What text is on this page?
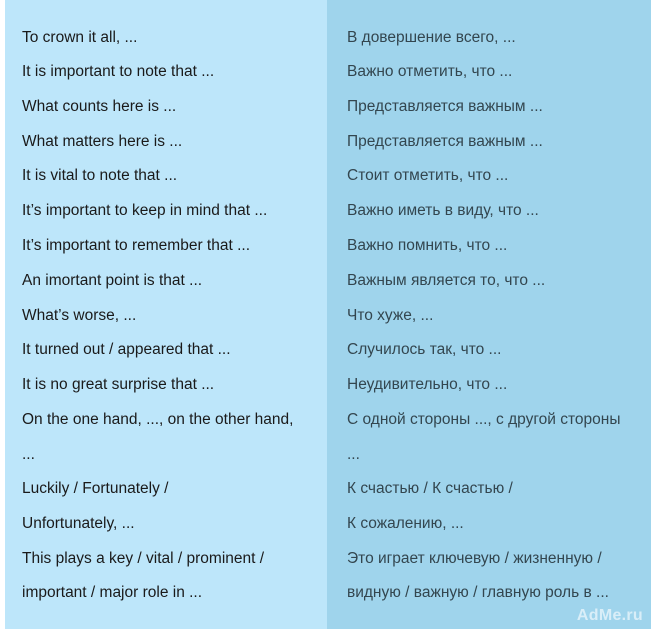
To crown it all, ...
It is important to note that ...
What counts here is ...
What matters here is ...
It is vital to note that ...
It’s important to keep in mind that ...
It’s important to remember that ...
An imortant point is that ...
What’s worse, ...
It turned out / appeared that ...
It is no great surprise that ...
On the one hand, ..., on the other hand,
...
Luckily / Fortunately /
Unfortunately, ...
This plays a key / vital / prominent /
important / major role in ...
В довершение всего, ...
Важно отметить, что ...
Представляется важным ...
Представляется важным ...
Стоит отметить, что ...
Важно иметь в виду, что ...
Важно помнить, что ...
Важным является то, что ...
Что хуже, ...
Случилось так, что ...
Неудивительно, что ...
С одной стороны ..., с другой стороны
...
К счастью / К счастью /
К сожалению, ...
Это играет ключевую / жизненную /
видную / важную / главную роль в ...
AdMe.ru
